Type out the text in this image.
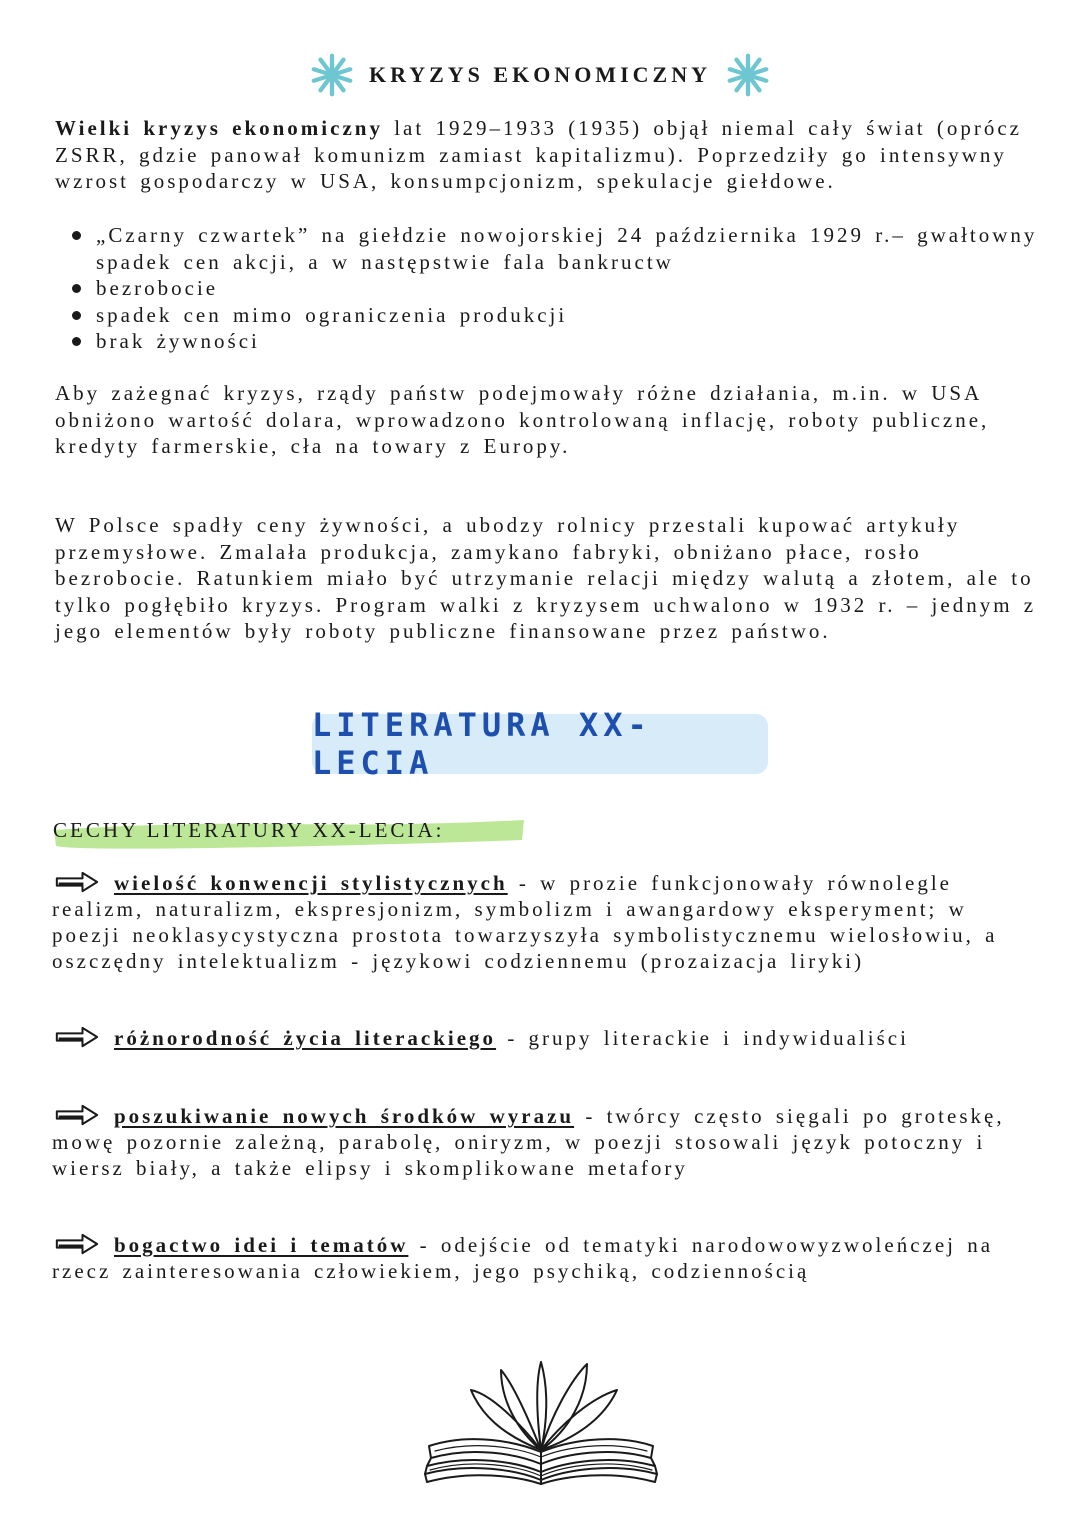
KRYZYS EKONOMICZNY

Wielki kryzys ekonomiczny lat 1929–1933 (1935) objął niemal cały świat (oprócz ZSRR, gdzie panował komunizm zamiast kapitalizmu). Poprzedziły go intensywny wzrost gospodarczy w USA, konsumpcjonizm, spekulacje giełdowe.

„Czarny czwartek” na giełdzie nowojorskiej 24 października 1929 r.– gwałtowny spadek cen akcji, a w następstwie fala bankructw
bezrobocie
spadek cen mimo ograniczenia produkcji
brak żywności

Aby zażegnać kryzys, rządy państw podejmowały różne działania, m.in. w USA obniżono wartość dolara, wprowadzono kontrolowaną inflację, roboty publiczne, kredyty farmerskie, cła na towary z Europy.

W Polsce spadły ceny żywności, a ubodzy rolnicy przestali kupować artykuły przemysłowe. Zmalała produkcja, zamykano fabryki, obniżano płace, rosło bezrobocie. Ratunkiem miało być utrzymanie relacji między walutą a złotem, ale to tylko pogłębiło kryzys. Program walki z kryzysem uchwalono w 1932 r. – jednym z jego elementów były roboty publiczne finansowane przez państwo.

LITERATURA XX-LECIA
CECHY LITERATURY XX-LECIA:
wielość konwencji stylistycznych - w prozie funkcjonowały równolegle realizm, naturalizm, ekspresjonizm, symbolizm i awangardowy eksperyment; w poezji neoklasycystyczna prostota towarzyszyła symbolistycznemu wielosłowiu, a oszczędny intelektualizm - językowi codziennemu (prozaizacja liryki)
różnorodność życia literackiego - grupy literackie i indywidualiści
poszukiwanie nowych środków wyrazu - twórcy często sięgali po groteskę, mowę pozornie zależną, parabolę, oniryzm, w poezji stosowali język potoczny i wiersz biały, a także elipsy i skomplikowane metafory
bogactwo idei i tematów - odejście od tematyki narodowowyzwoleńczej na rzecz zainteresowania człowiekiem, jego psychiką, codziennością
